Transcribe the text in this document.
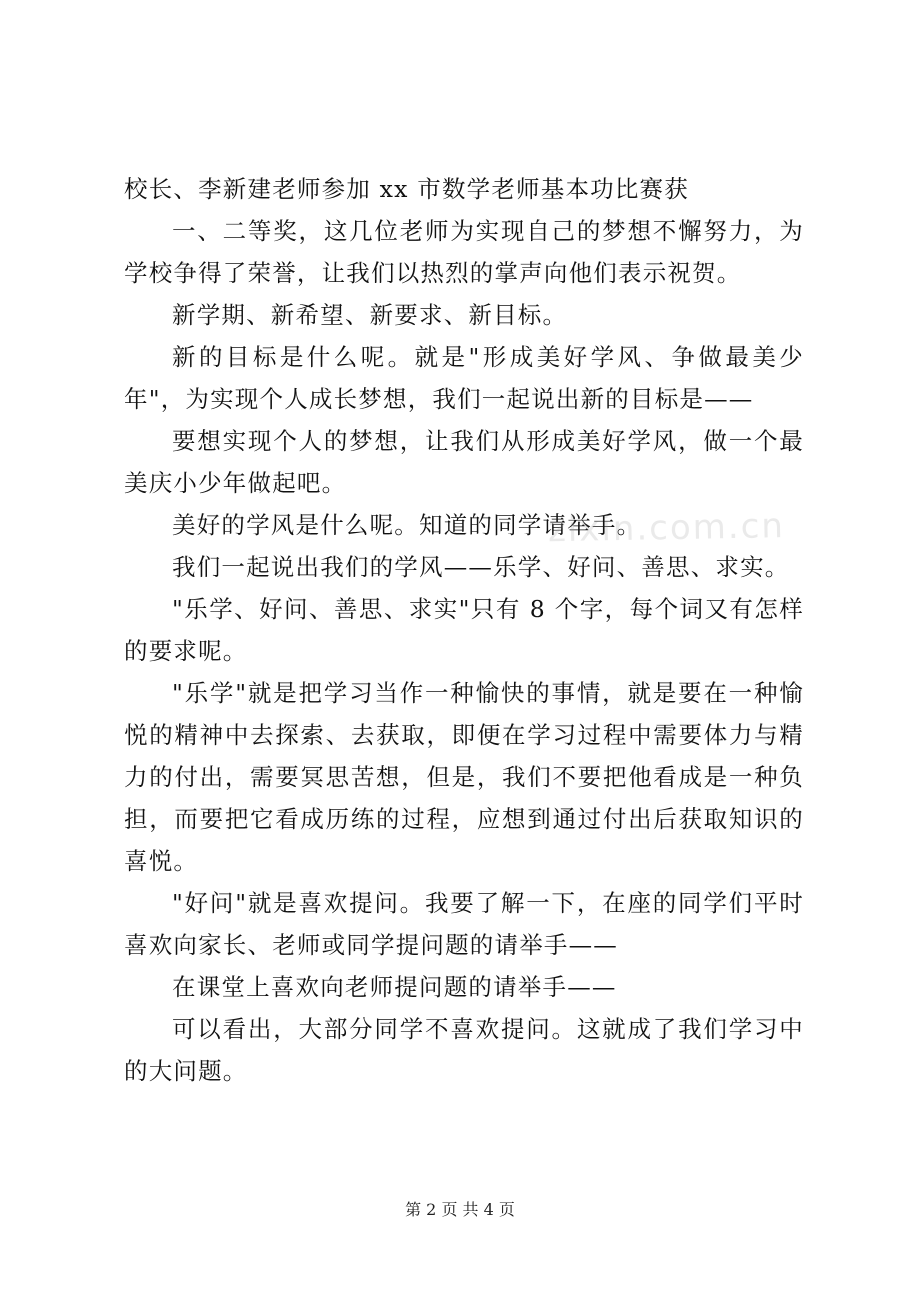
校长、李新建老师参加 xx 市数学老师基本功比赛获

一、二等奖，这几位老师为实现自己的梦想不懈努力，为学校争得了荣誉，让我们以热烈的掌声向他们表示祝贺。

新学期、新希望、新要求、新目标。

新的目标是什么呢。就是"形成美好学风、争做最美少年"，为实现个人成长梦想，我们一起说出新的目标是——

要想实现个人的梦想，让我们从形成美好学风，做一个最美庆小少年做起吧。

美好的学风是什么呢。知道的同学请举手。

我们一起说出我们的学风——乐学、好问、善思、求实。

"乐学、好问、善思、求实"只有 8 个字，每个词又有怎样的要求呢。

"乐学"就是把学习当作一种愉快的事情，就是要在一种愉悦的精神中去探索、去获取，即便在学习过程中需要体力与精力的付出，需要冥思苦想，但是，我们不要把他看成是一种负担，而要把它看成历练的过程，应想到通过付出后获取知识的喜悦。

"好问"就是喜欢提问。我要了解一下，在座的同学们平时喜欢向家长、老师或同学提问题的请举手——

在课堂上喜欢向老师提问题的请举手——

可以看出，大部分同学不喜欢提问。这就成了我们学习中的大问题。

zixin.com.cn
第 2 页 共 4 页
